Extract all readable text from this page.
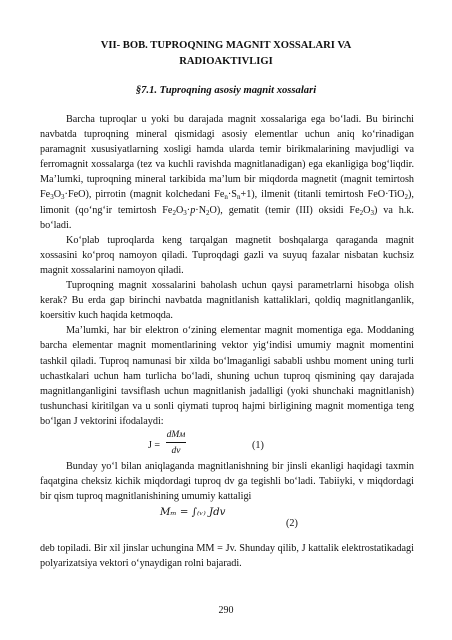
VII- BOB. TUPROQNING MAGNIT XOSSALARI VA
RADIOAKTIVLIGI
§7.1. Tuproqning asosiy magnit xossalari

Barcha tuproqlar u yoki bu darajada magnit xossalariga ega bo‘ladi. Bu birinchi navbatda tuproqning mineral qismidagi asosiy elementlar uchun aniq ko‘rinadigan paramagnit xususiyatlarning xosligi hamda ularda temir birikmalarining mavjudligi va ferromagnit xossalarga (tez va kuchli ravishda magnitlanadigan) ega ekanligiga bog‘liqdir. Ma’lumki, tuproqning mineral tarkibida ma’lum bir miqdorda magnetit (magnit temirtosh $Fe_3O_3\cdot FeO$), pirrotin (magnit kolchedani $Fe_n\cdot S_n+1$), ilmenit (titanli temirtosh FeO·TiO$_2$), limonit (qo‘ng‘ir temirtosh $Fe_2O_3\cdot p\cdot N_2O$), gematit (temir (III) oksidi $Fe_2O_3$) va h.k. bo‘ladi.

Ko‘plab tuproqlarda keng tarqalgan magnetit boshqalarga qaraganda magnit xossasini ko‘proq namoyon qiladi. Tuproqdagi gazli va suyuq fazalar nisbatan kuchsiz magnit xossalarini namoyon qiladi.

Tuproqning magnit xossalarini baholash uchun qaysi parametrlarni hisobga olish kerak? Bu erda gap birinchi navbatda magnitlanish kattaliklari, qoldiq magnitlanganlik, koersitiv kuch haqida ketmoqda.

Ma’lumki, har bir elektron o‘zining elementar magnit momentiga ega. Moddaning barcha elementar magnit momentlarining vektor yig‘indisi umumiy magnit momentini tashkil qiladi. Tuproq namunasi bir xilda bo‘lmaganligi sababli ushbu moment uning turli uchastkalari uchun ham turlicha bo‘ladi, shuning uchun tuproq qismining qay darajada magnitlanganligini tavsiflash uchun magnitlanish jadalligi (yoki shunchaki magnitlanish) tushunchasi kiritilgan va u sonli qiymati tuproq hajmi birligining magnit momentiga teng bo‘lgan J vektorini ifodalaydi:

J =
dMм
dv	(1)

Bunday yo‘l bilan aniqlaganda magnitlanishning bir jinsli ekanligi haqidagi taxmin faqatgina cheksiz kichik miqdordagi tuproq dv ga tegishli bo‘ladi. Tabiiyki, v miqdordagi bir qism tuproq magnitlanishining umumiy kattaligi

Mₘ = ∫₍ᵥ₎ Jdv
(2)

deb topiladi. Bir xil jinslar uchungina MM = Jv. Shunday qilib, J kattalik elektrostatikadagi polyarizatsiya vektori o‘ynaydigan rolni bajaradi.

290
